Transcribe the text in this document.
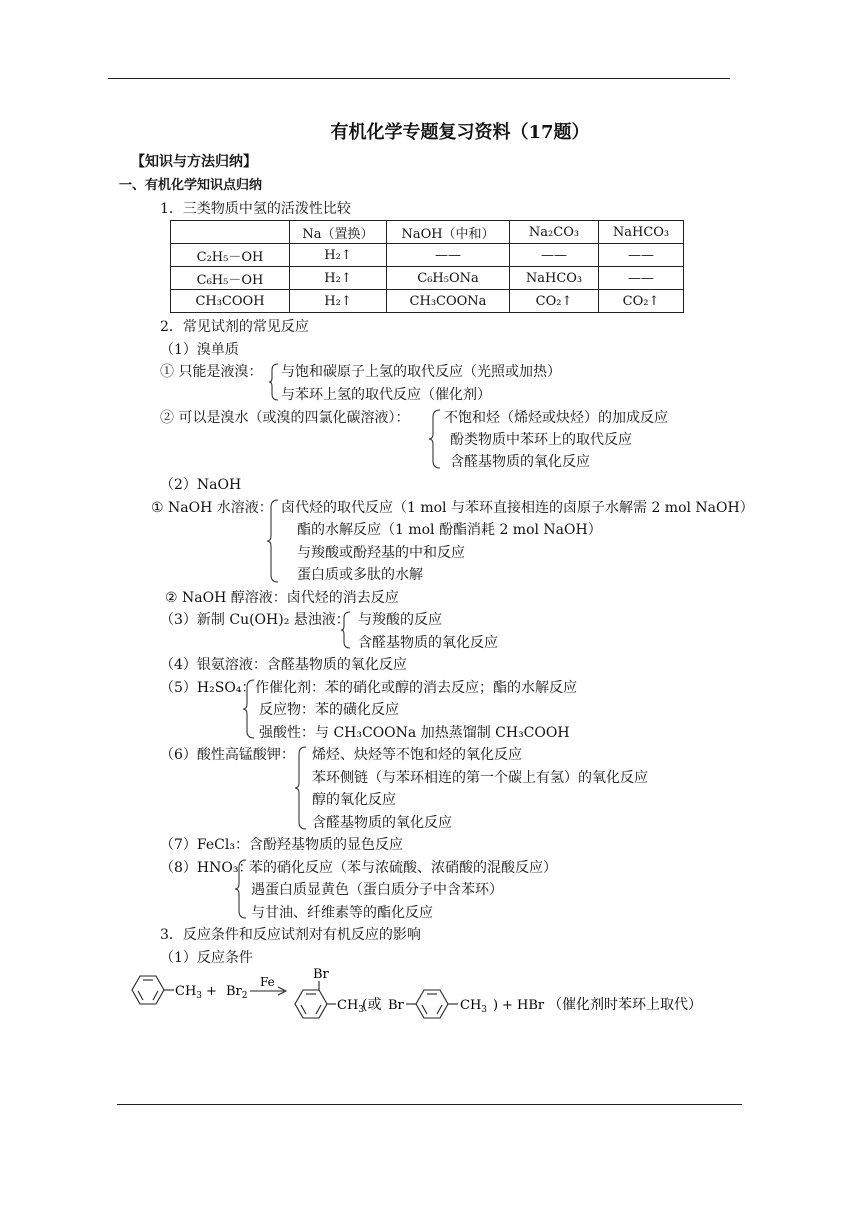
有机化学专题复习资料（17题）
【知识与方法归纳】
一、有机化学知识点归纳
1．三类物质中氢的活泼性比较
	Na（置换）	NaOH（中和）	Na₂CO₃	NaHCO₃
C₂H₅－OH	H₂↑	——	——	——
C₆H₅－OH	H₂↑	C₆H₅ONa	NaHCO₃	——
CH₃COOH	H₂↑	CH₃COONa	CO₂↑	CO₂↑
2．常见试剂的常见反应
（1）溴单质
① 只能是液溴： 与饱和碳原子上氢的取代反应（光照或加热）
与苯环上氢的取代反应（催化剂）
② 可以是溴水（或溴的四氯化碳溶液）： 不饱和烃（烯烃或炔烃）的加成反应
酚类物质中苯环上的取代反应
含醛基物质的氧化反应
（2）NaOH
① NaOH 水溶液： 卤代烃的取代反应（1 mol 与苯环直接相连的卤原子水解需 2 mol NaOH）
酯的水解反应（1 mol 酚酯消耗 2 mol NaOH）
与羧酸或酚羟基的中和反应
蛋白质或多肽的水解
② NaOH 醇溶液：卤代烃的消去反应
（3）新制 Cu(OH)₂ 悬浊液： 与羧酸的反应
含醛基物质的氧化反应
（4）银氨溶液：含醛基物质的氧化反应
（5）H₂SO₄： 作催化剂：苯的硝化或醇的消去反应；酯的水解反应
反应物：苯的磺化反应
强酸性：与 CH₃COONa 加热蒸馏制 CH₃COOH
（6）酸性高锰酸钾： 烯烃、炔烃等不饱和烃的氧化反应
苯环侧链（与苯环相连的第一个碳上有氢）的氧化反应
醇的氧化反应
含醛基物质的氧化反应
（7）FeCl₃：含酚羟基物质的显色反应
（8）HNO₃：
苯的硝化反应（苯与浓硫酸、浓硝酸的混酸反应）
遇蛋白质显黄色（蛋白质分子中含苯环）
与甘油、纤维素等的酯化反应
3．反应条件和反应试剂对有机反应的影响
（1）反应条件
$CH_3 + Br_2$
Fe	Br
$CH_3$
(或 Br	$CH_3$ ) + HBr （催化剂时苯环上取代）
